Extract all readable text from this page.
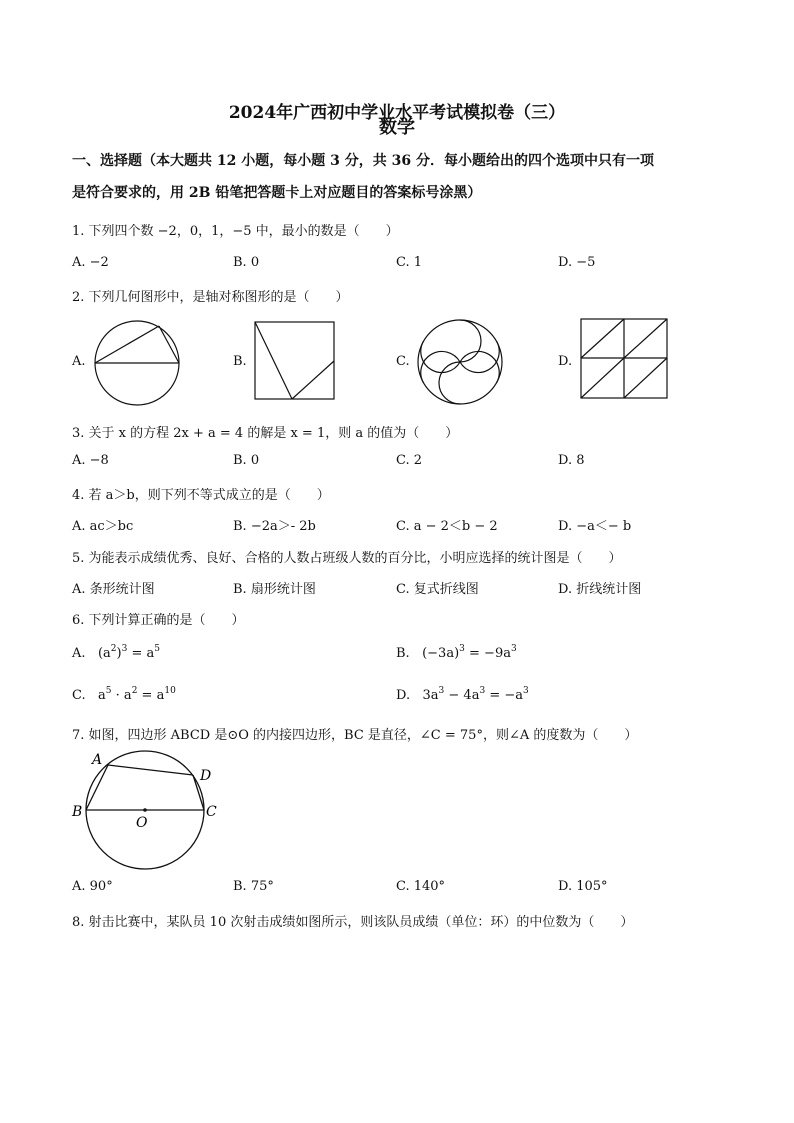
2024年广西初中学业水平考试模拟卷（三）
数学
一、选择题（本大题共 12 小题，每小题 3 分，共 36 分．每小题给出的四个选项中只有一项
是符合要求的，用 2B 铅笔把答题卡上对应题目的答案标号涂黑）
1. 下列四个数 −2，0，1，−5 中，最小的数是（　　）
A. −2	B. 0	C. 1	D. −5
2. 下列几何图形中，是轴对称图形的是（　　）
A.	B.	C.	D.
3. 关于 x 的方程 2x + a = 4 的解是 x = 1，则 a 的值为（　　）
A. −8	B. 0	C. 2	D. 8
4. 若 a＞b，则下列不等式成立的是（　　）
A. ac＞bc	B. −2a＞- 2b	C. a − 2＜b − 2	D. −a＜− b
5. 为能表示成绩优秀、良好、合格的人数占班级人数的百分比，小明应选择的统计图是（　　）
A. 条形统计图	B. 扇形统计图	C. 复式折线图	D. 折线统计图
6. 下列计算正确的是（　　）
A. $(a^2)^3 = a^5$	B. $(-3a)^3 = -9a^3$
C. $a^5 \cdot a^2 = a^{10}$	D. $3a^3 - 4a^3 = -a^3$
7. 如图，四边形 ABCD 是⊙O 的内接四边形，BC 是直径，∠C = 75°，则∠A 的度数为（　　）
A
D
B
O
C
A. 90°	B. 75°	C. 140°	D. 105°
8. 射击比赛中，某队员 10 次射击成绩如图所示，则该队员成绩（单位：环）的中位数为（　　）
